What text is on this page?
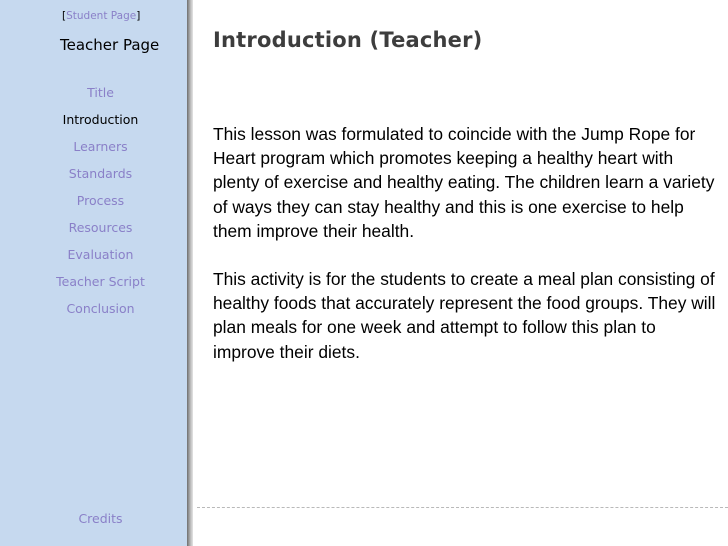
[Student Page]
Teacher Page
Title
Introduction
Learners
Standards
Process
Resources
Evaluation
Teacher Script
Conclusion
Credits
Introduction (Teacher)

This lesson was formulated to coincide with the Jump Rope for Heart program which promotes keeping a healthy heart with plenty of exercise and healthy eating. The children learn a variety of ways they can stay healthy and this is one exercise to help them improve their health.

This activity is for the students to create a meal plan consisting of healthy foods that accurately represent the food groups. They will plan meals for one week and attempt to follow this plan to improve their diets.
